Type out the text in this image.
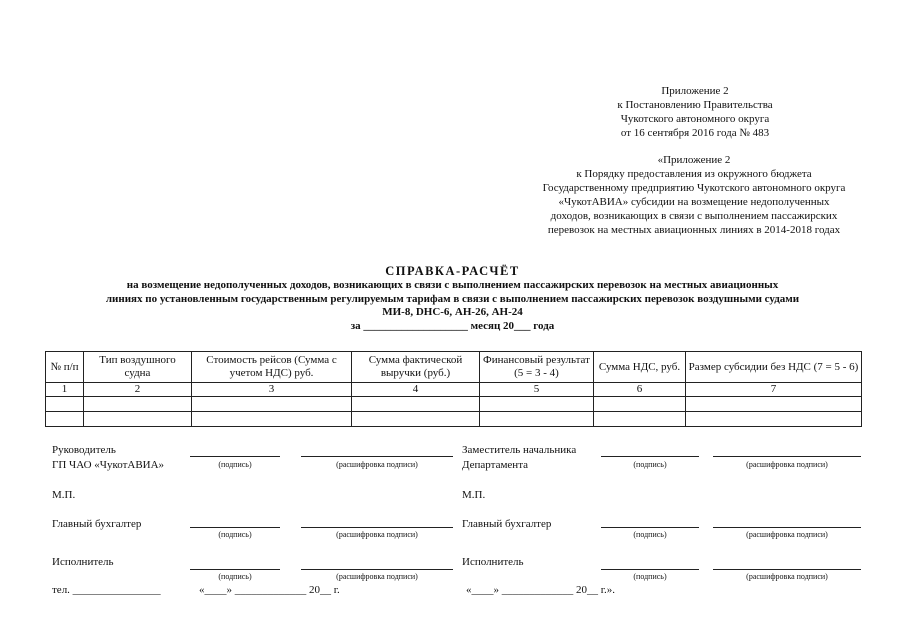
Приложение 2
к Постановлению Правительства
Чукотского автономного округа
от 16 сентября 2016 года № 483
«Приложение 2
к Порядку предоставления из окружного бюджета
Государственному предприятию Чукотского автономного округа
«ЧукотАВИА» субсидии на возмещение недополученных
доходов, возникающих в связи с выполнением пассажирских
перевозок на местных авиационных линиях в 2014-2018 годах
СПРАВКА-РАСЧЁТ
на возмещение недополученных доходов, возникающих в связи с выполнением пассажирских перевозок на местных авиационных
линиях по установленным государственным регулируемым тарифам в связи с выполнением пассажирских перевозок воздушными судами
МИ-8, DHC-6, АН-26, АН-24
за ___________________ месяц 20___ года
№ п/п	Тип воздушного судна	Стоимость рейсов (Сумма с учетом НДС) руб.	Сумма фактической выручки (руб.)	Финансовый результат (5 = 3 - 4)	Сумма НДС, руб.	Размер субсидии без НДС (7 = 5 - 6)
1	2	3	4	5	6	7

Руководитель
ГП ЧАО «ЧукотАВИА»	(подпись)	(расшифровка подписи)
М.П.
Главный бухгалтер
(подпись)	(расшифровка подписи)
Исполнитель
(подпись)	(расшифровка подписи)
тел. ________________	«____» _____________ 20__ г.
Заместитель начальника
Департамента	(подпись)	(расшифровка подписи)
М.П.
Главный бухгалтер
(подпись)	(расшифровка подписи)
Исполнитель
(подпись)	(расшифровка подписи)
«____» _____________ 20__ г.».
